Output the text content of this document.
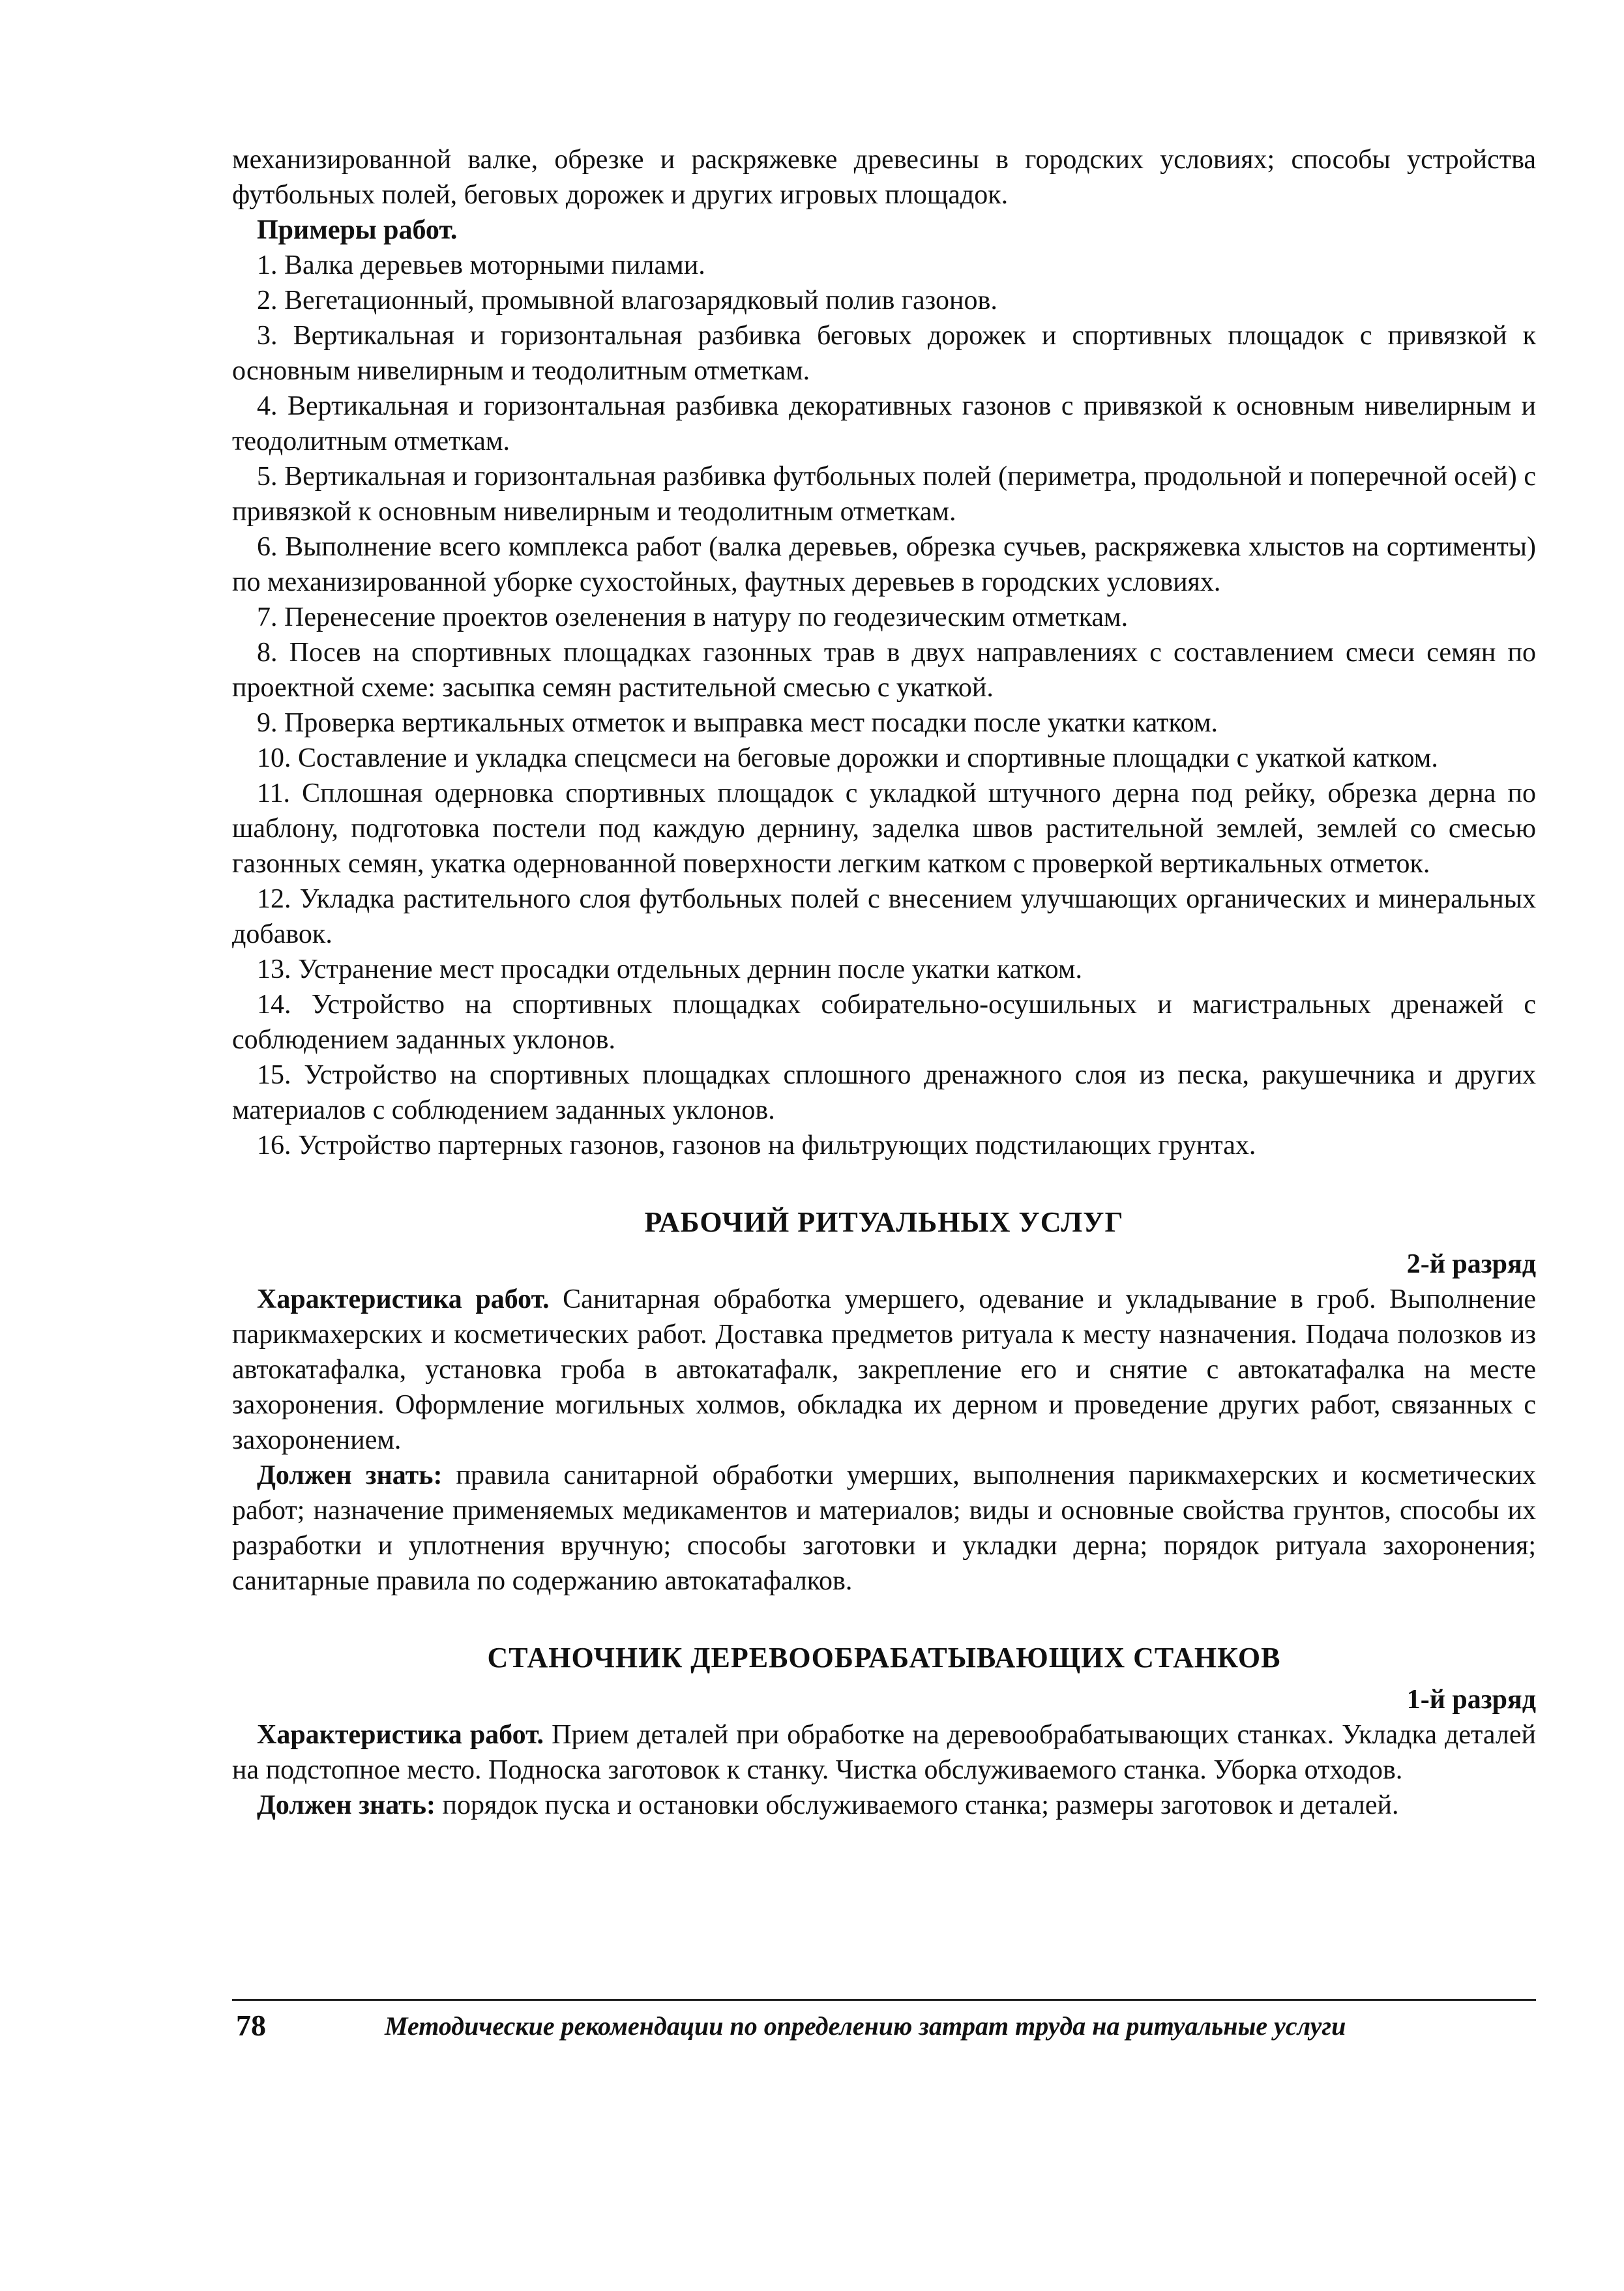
механизированной валке, обрезке и раскряжевке древесины в городских условиях; способы устройства футбольных полей, беговых дорожек и других игровых площадок.

Примеры работ.

1. Валка деревьев моторными пилами.

2. Вегетационный, промывной влагозарядковый полив газонов.

3. Вертикальная и горизонтальная разбивка беговых дорожек и спортивных площадок с привязкой к основным нивелирным и теодолитным отметкам.

4. Вертикальная и горизонтальная разбивка декоративных газонов с привязкой к основным нивелирным и теодолитным отметкам.

5. Вертикальная и горизонтальная разбивка футбольных полей (периметра, продольной и поперечной осей) с привязкой к основным нивелирным и теодолитным отметкам.

6. Выполнение всего комплекса работ (валка деревьев, обрезка сучьев, раскряжевка хлыстов на сортименты) по механизированной уборке сухостойных, фаутных деревьев в городских условиях.

7. Перенесение проектов озеленения в натуру по геодезическим отметкам.

8. Посев на спортивных площадках газонных трав в двух направлениях с составлением смеси семян по проектной схеме: засыпка семян растительной смесью с укаткой.

9. Проверка вертикальных отметок и выправка мест посадки после укатки катком.

10. Составление и укладка спецсмеси на беговые дорожки и спортивные площадки с укаткой катком.

11. Сплошная одерновка спортивных площадок с укладкой штучного дерна под рейку, обрезка дерна по шаблону, подготовка постели под каждую дернину, заделка швов растительной землей, землей со смесью газонных семян, укатка одернованной поверхности легким катком с проверкой вертикальных отметок.

12. Укладка растительного слоя футбольных полей с внесением улучшающих органических и минеральных добавок.

13. Устранение мест просадки отдельных дернин после укатки катком.

14. Устройство на спортивных площадках собирательно-осушильных и магистральных дренажей с соблюдением заданных уклонов.

15. Устройство на спортивных площадках сплошного дренажного слоя из песка, ракушечника и других материалов с соблюдением заданных уклонов.

16. Устройство партерных газонов, газонов на фильтрующих подстилающих грунтах.

РАБОЧИЙ РИТУАЛЬНЫХ УСЛУГ

2-й разряд

Характеристика работ. Санитарная обработка умершего, одевание и укладывание в гроб. Выполнение парикмахерских и косметических работ. Доставка предметов ритуала к месту назначения. Подача полозков из автокатафалка, установка гроба в автокатафалк, закрепление его и снятие с автокатафалка на месте захоронения. Оформление могильных холмов, обкладка их дерном и проведение других работ, связанных с захоронением.

Должен знать: правила санитарной обработки умерших, выполнения парикмахерских и косметических работ; назначение применяемых медикаментов и материалов; виды и основные свойства грунтов, способы их разработки и уплотнения вручную; способы заготовки и укладки дерна; порядок ритуала захоронения; санитарные правила по содержанию автокатафалков.

СТАНОЧНИК ДЕРЕВООБРАБАТЫВАЮЩИХ СТАНКОВ

1-й разряд

Характеристика работ. Прием деталей при обработке на деревообрабатывающих станках. Укладка деталей на подстопное место. Подноска заготовок к станку. Чистка обслуживаемого станка. Уборка отходов.

Должен знать: порядок пуска и остановки обслуживаемого станка; размеры заготовок и деталей.

78	Методические рекомендации по определению затрат труда на ритуальные услуги
